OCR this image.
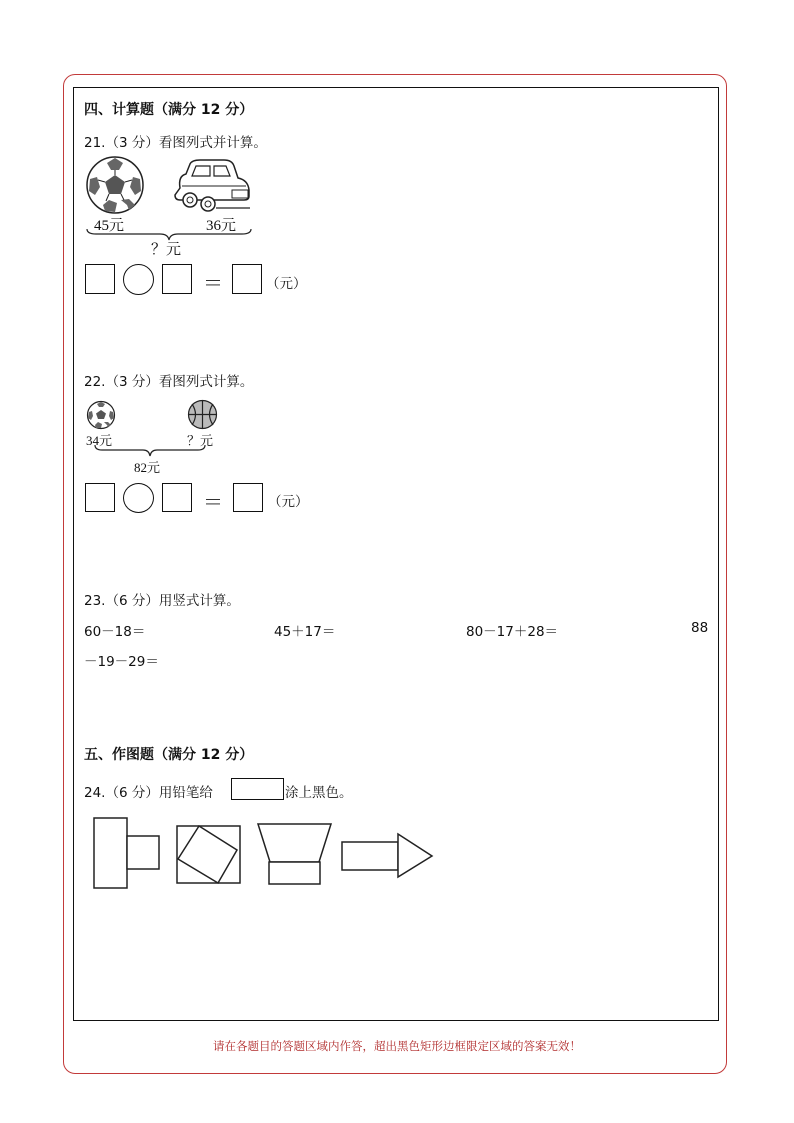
四、计算题（满分 12 分）
21.（3 分）看图列式并计算。
45元	36元
？元
＝	（元）
22.（3 分）看图列式计算。
34元	？元
82元
＝	（元）
23.（6 分）用竖式计算。
60－18＝	45＋17＝	80－17＋28＝	88
－19－29＝
五、作图题（满分 12 分）
24.（6 分）用铅笔给	涂上黑色。
请在各题目的答题区域内作答，超出黑色矩形边框限定区域的答案无效！
